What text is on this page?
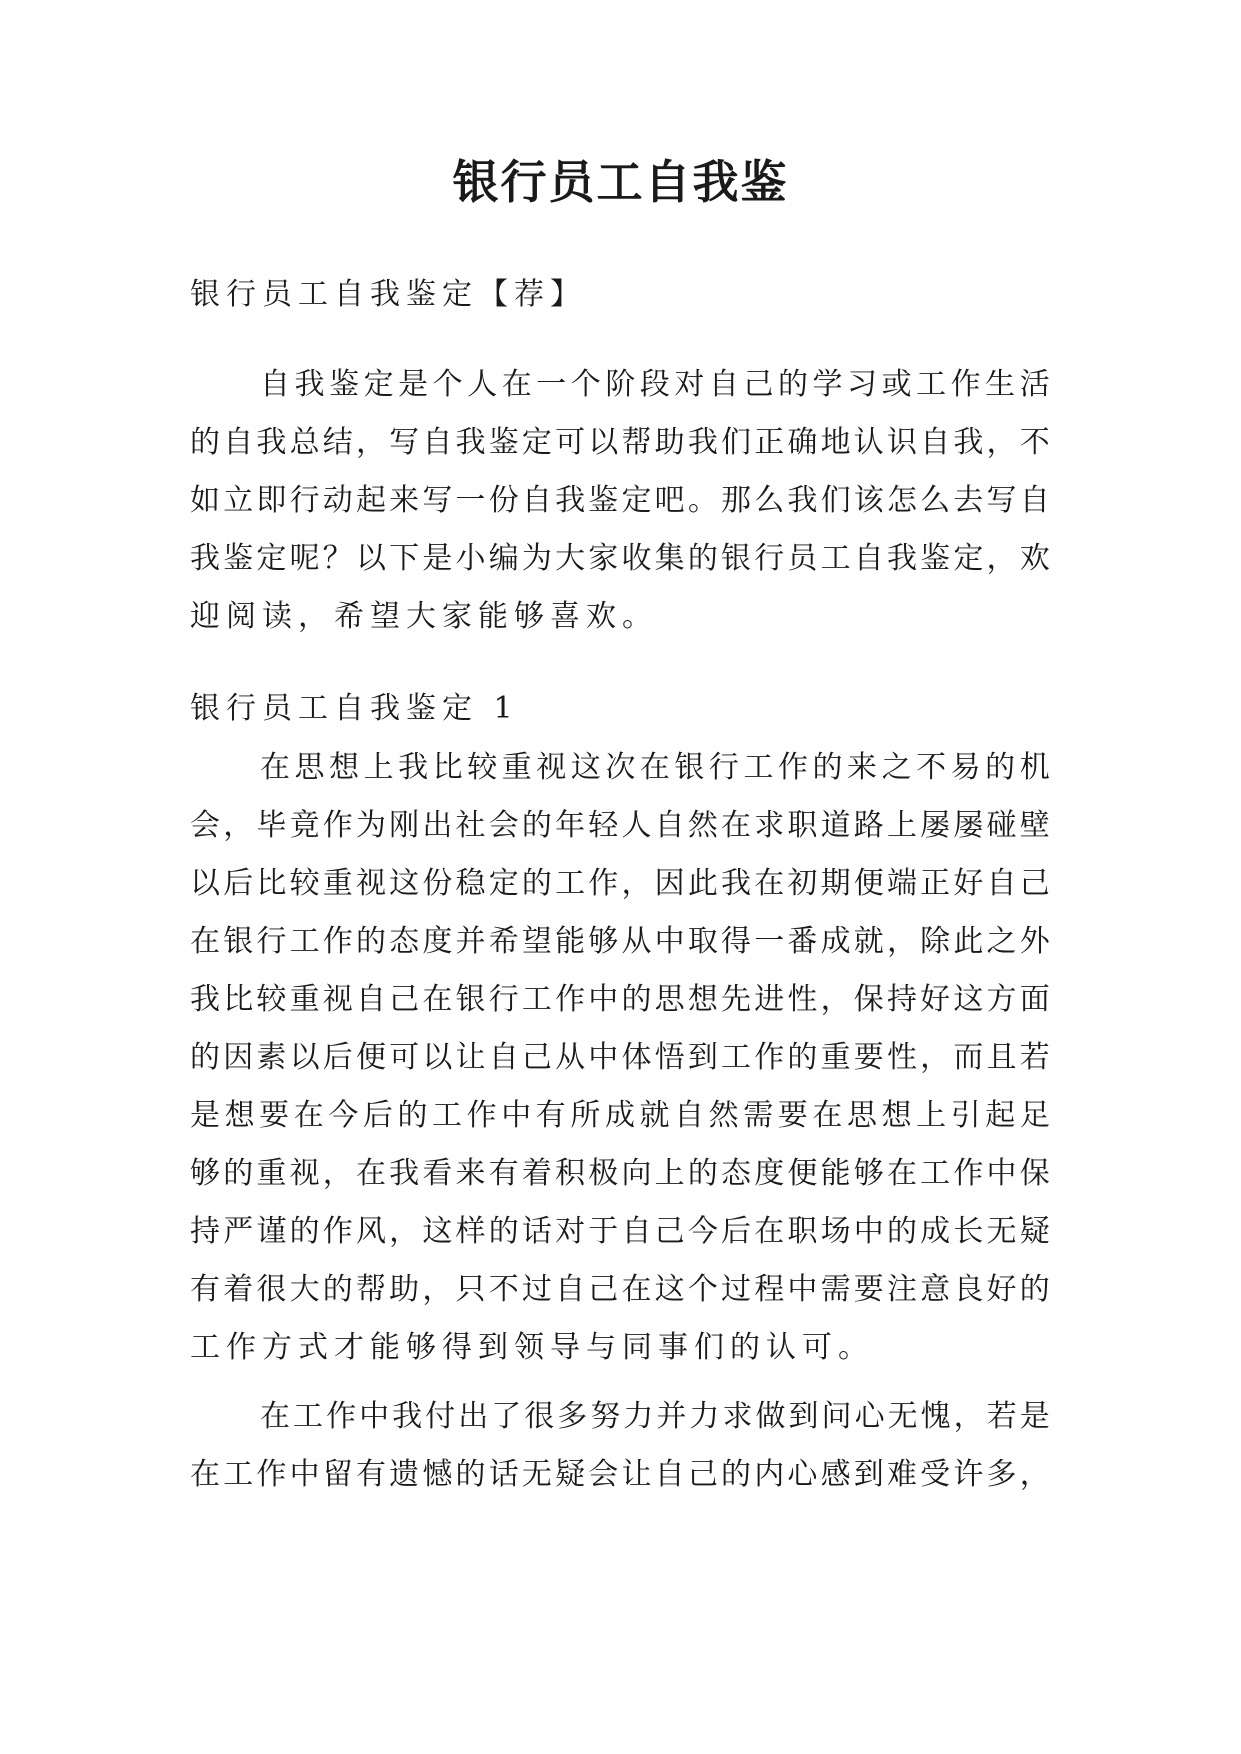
银行员工自我鉴
银行员工自我鉴定【荐】
自 我 鉴 定 是 个 人 在 一 个 阶 段 对 自 己 的 学 习 或 工 作 生 活
的 自 我 总 结 ， 写 自 我 鉴 定 可 以 帮 助 我 们 正 确 地 认 识 自 我 ， 不
如 立 即 行 动 起 来 写 一 份 自 我 鉴 定 吧 。 那 么 我 们 该 怎 么 去 写 自
我 鉴 定 呢 ？ 以 下 是 小 编 为 大 家 收 集 的 银 行 员 工 自 我 鉴 定 ， 欢
迎阅读，希望大家能够喜欢。
银行员工自我鉴定 1
在 思 想 上 我 比 较 重 视 这 次 在 银 行 工 作 的 来 之 不 易 的 机
会 ， 毕 竟 作 为 刚 出 社 会 的 年 轻 人 自 然 在 求 职 道 路 上 屡 屡 碰 壁
以 后 比 较 重 视 这 份 稳 定 的 工 作 ， 因 此 我 在 初 期 便 端 正 好 自 己
在 银 行 工 作 的 态 度 并 希 望 能 够 从 中 取 得 一 番 成 就 ， 除 此 之 外
我 比 较 重 视 自 己 在 银 行 工 作 中 的 思 想 先 进 性 ， 保 持 好 这 方 面
的 因 素 以 后 便 可 以 让 自 己 从 中 体 悟 到 工 作 的 重 要 性 ， 而 且 若
是 想 要 在 今 后 的 工 作 中 有 所 成 就 自 然 需 要 在 思 想 上 引 起 足
够 的 重 视 ， 在 我 看 来 有 着 积 极 向 上 的 态 度 便 能 够 在 工 作 中 保
持 严 谨 的 作 风 ， 这 样 的 话 对 于 自 己 今 后 在 职 场 中 的 成 长 无 疑
有 着 很 大 的 帮 助 ， 只 不 过 自 己 在 这 个 过 程 中 需 要 注 意 良 好 的
工作方式才能够得到领导与同事们的认可。
在 工 作 中 我 付 出 了 很 多 努 力 并 力 求 做 到 问 心 无 愧 ， 若 是
在 工 作 中 留 有 遗 憾 的 话 无 疑 会 让 自 己 的 内 心 感 到 难 受 许 多 ，
